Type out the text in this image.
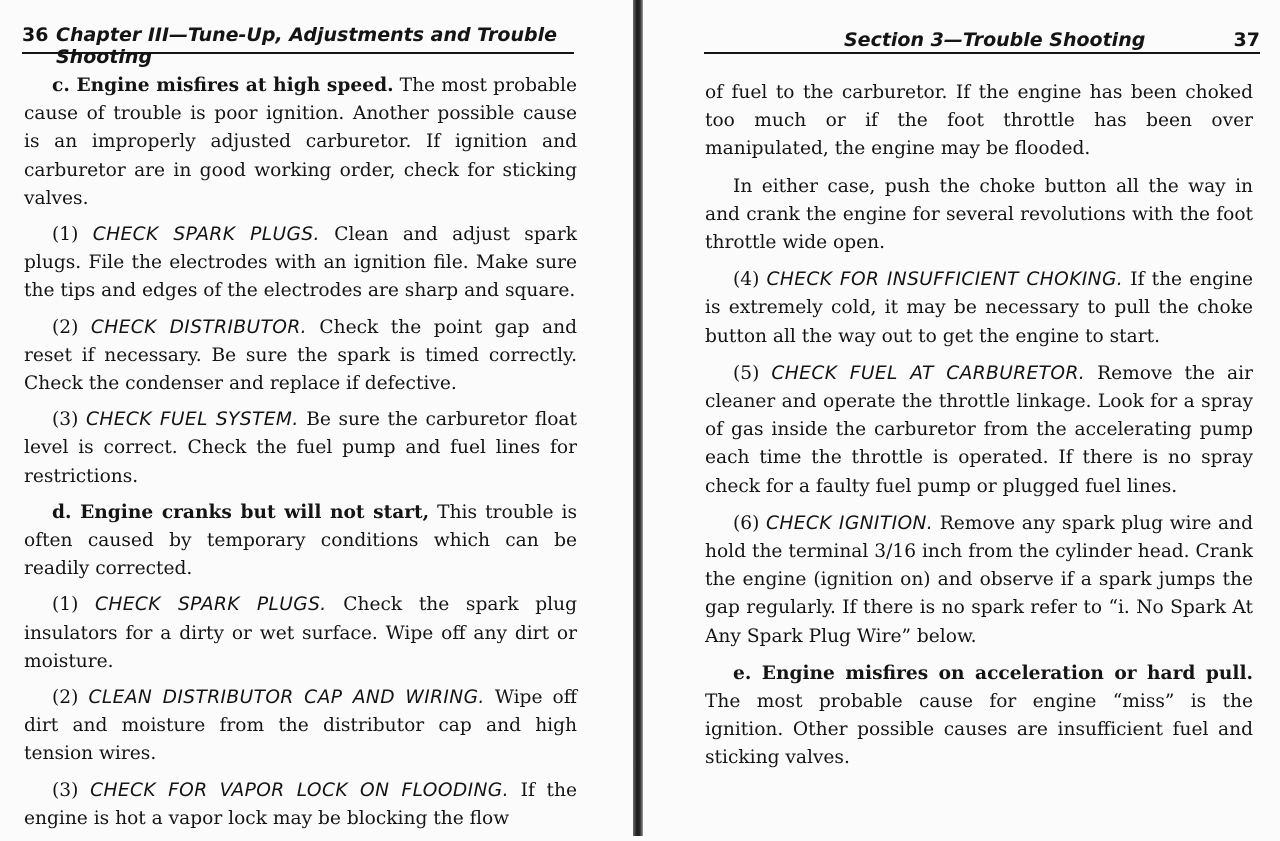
36 Chapter III—Tune-Up, Adjustments and Trouble Shooting

c. Engine misfires at high speed. The most probable cause of trouble is poor ignition. Another possible cause is an improperly adjusted carburetor. If ignition and carburetor are in good working order, check for sticking valves.

(1) CHECK SPARK PLUGS. Clean and adjust spark plugs. File the electrodes with an ignition file. Make sure the tips and edges of the electrodes are sharp and square.

(2) CHECK DISTRIBUTOR. Check the point gap and reset if necessary. Be sure the spark is timed correctly. Check the condenser and replace if defective.

(3) CHECK FUEL SYSTEM. Be sure the carburetor float level is correct. Check the fuel pump and fuel lines for restrictions.

d. Engine cranks but will not start, This trouble is often caused by temporary conditions which can be readily corrected.

(1) CHECK SPARK PLUGS. Check the spark plug insulators for a dirty or wet surface. Wipe off any dirt or moisture.

(2) CLEAN DISTRIBUTOR CAP AND WIRING. Wipe off dirt and moisture from the distributor cap and high tension wires.

(3) CHECK FOR VAPOR LOCK ON FLOODING. If the engine is hot a vapor lock may be blocking the flow

Section 3—Trouble Shooting	37

of fuel to the carburetor. If the engine has been choked too much or if the foot throttle has been over manipulated, the engine may be flooded.

In either case, push the choke button all the way in and crank the engine for several revolutions with the foot throttle wide open.

(4) CHECK FOR INSUFFICIENT CHOKING. If the engine is extremely cold, it may be necessary to pull the choke button all the way out to get the engine to start.

(5) CHECK FUEL AT CARBURETOR. Remove the air cleaner and operate the throttle linkage. Look for a spray of gas inside the carburetor from the accelerating pump each time the throttle is operated. If there is no spray check for a faulty fuel pump or plugged fuel lines.

(6) CHECK IGNITION. Remove any spark plug wire and hold the terminal 3/16 inch from the cylinder head. Crank the engine (ignition on) and observe if a spark jumps the gap regularly. If there is no spark refer to “i. No Spark At Any Spark Plug Wire” below.

e. Engine misfires on acceleration or hard pull. The most probable cause for engine “miss” is the ignition. Other possible causes are insufficient fuel and sticking valves.
